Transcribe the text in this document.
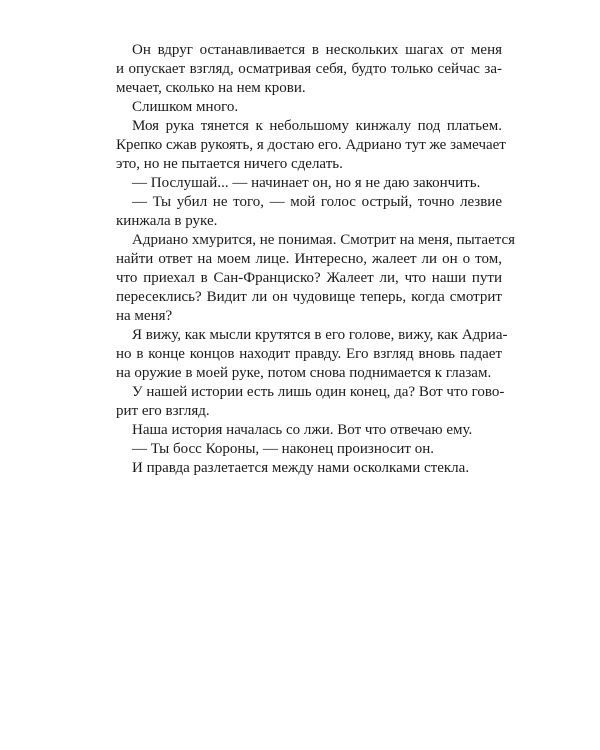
Он вдруг останавливается в нескольких шагах от меня
и опускает взгляд, осматривая себя, будто только сейчас за-
мечает, сколько на нем крови.
Слишком много.
Моя рука тянется к небольшому кинжалу под платьем.
Крепко сжав рукоять, я достаю его. Адриано тут же замечает
это, но не пытается ничего сделать.
— Послушай... — начинает он, но я не даю закончить.
— Ты убил не того, — мой голос острый, точно лезвие
кинжала в руке.
Адриано хмурится, не понимая. Смотрит на меня, пытается
найти ответ на моем лице. Интересно, жалеет ли он о том,
что приехал в Сан-Франциско? Жалеет ли, что наши пути
пересеклись? Видит ли он чудовище теперь, когда смотрит
на меня?
Я вижу, как мысли крутятся в его голове, вижу, как Адриа-
но в конце концов находит правду. Его взгляд вновь падает
на оружие в моей руке, потом снова поднимается к глазам.
У нашей истории есть лишь один конец, да? Вот что гово-
рит его взгляд.
Наша история началась со лжи. Вот что отвечаю ему.
— Ты босс Короны, — наконец произносит он.
И правда разлетается между нами осколками стекла.
